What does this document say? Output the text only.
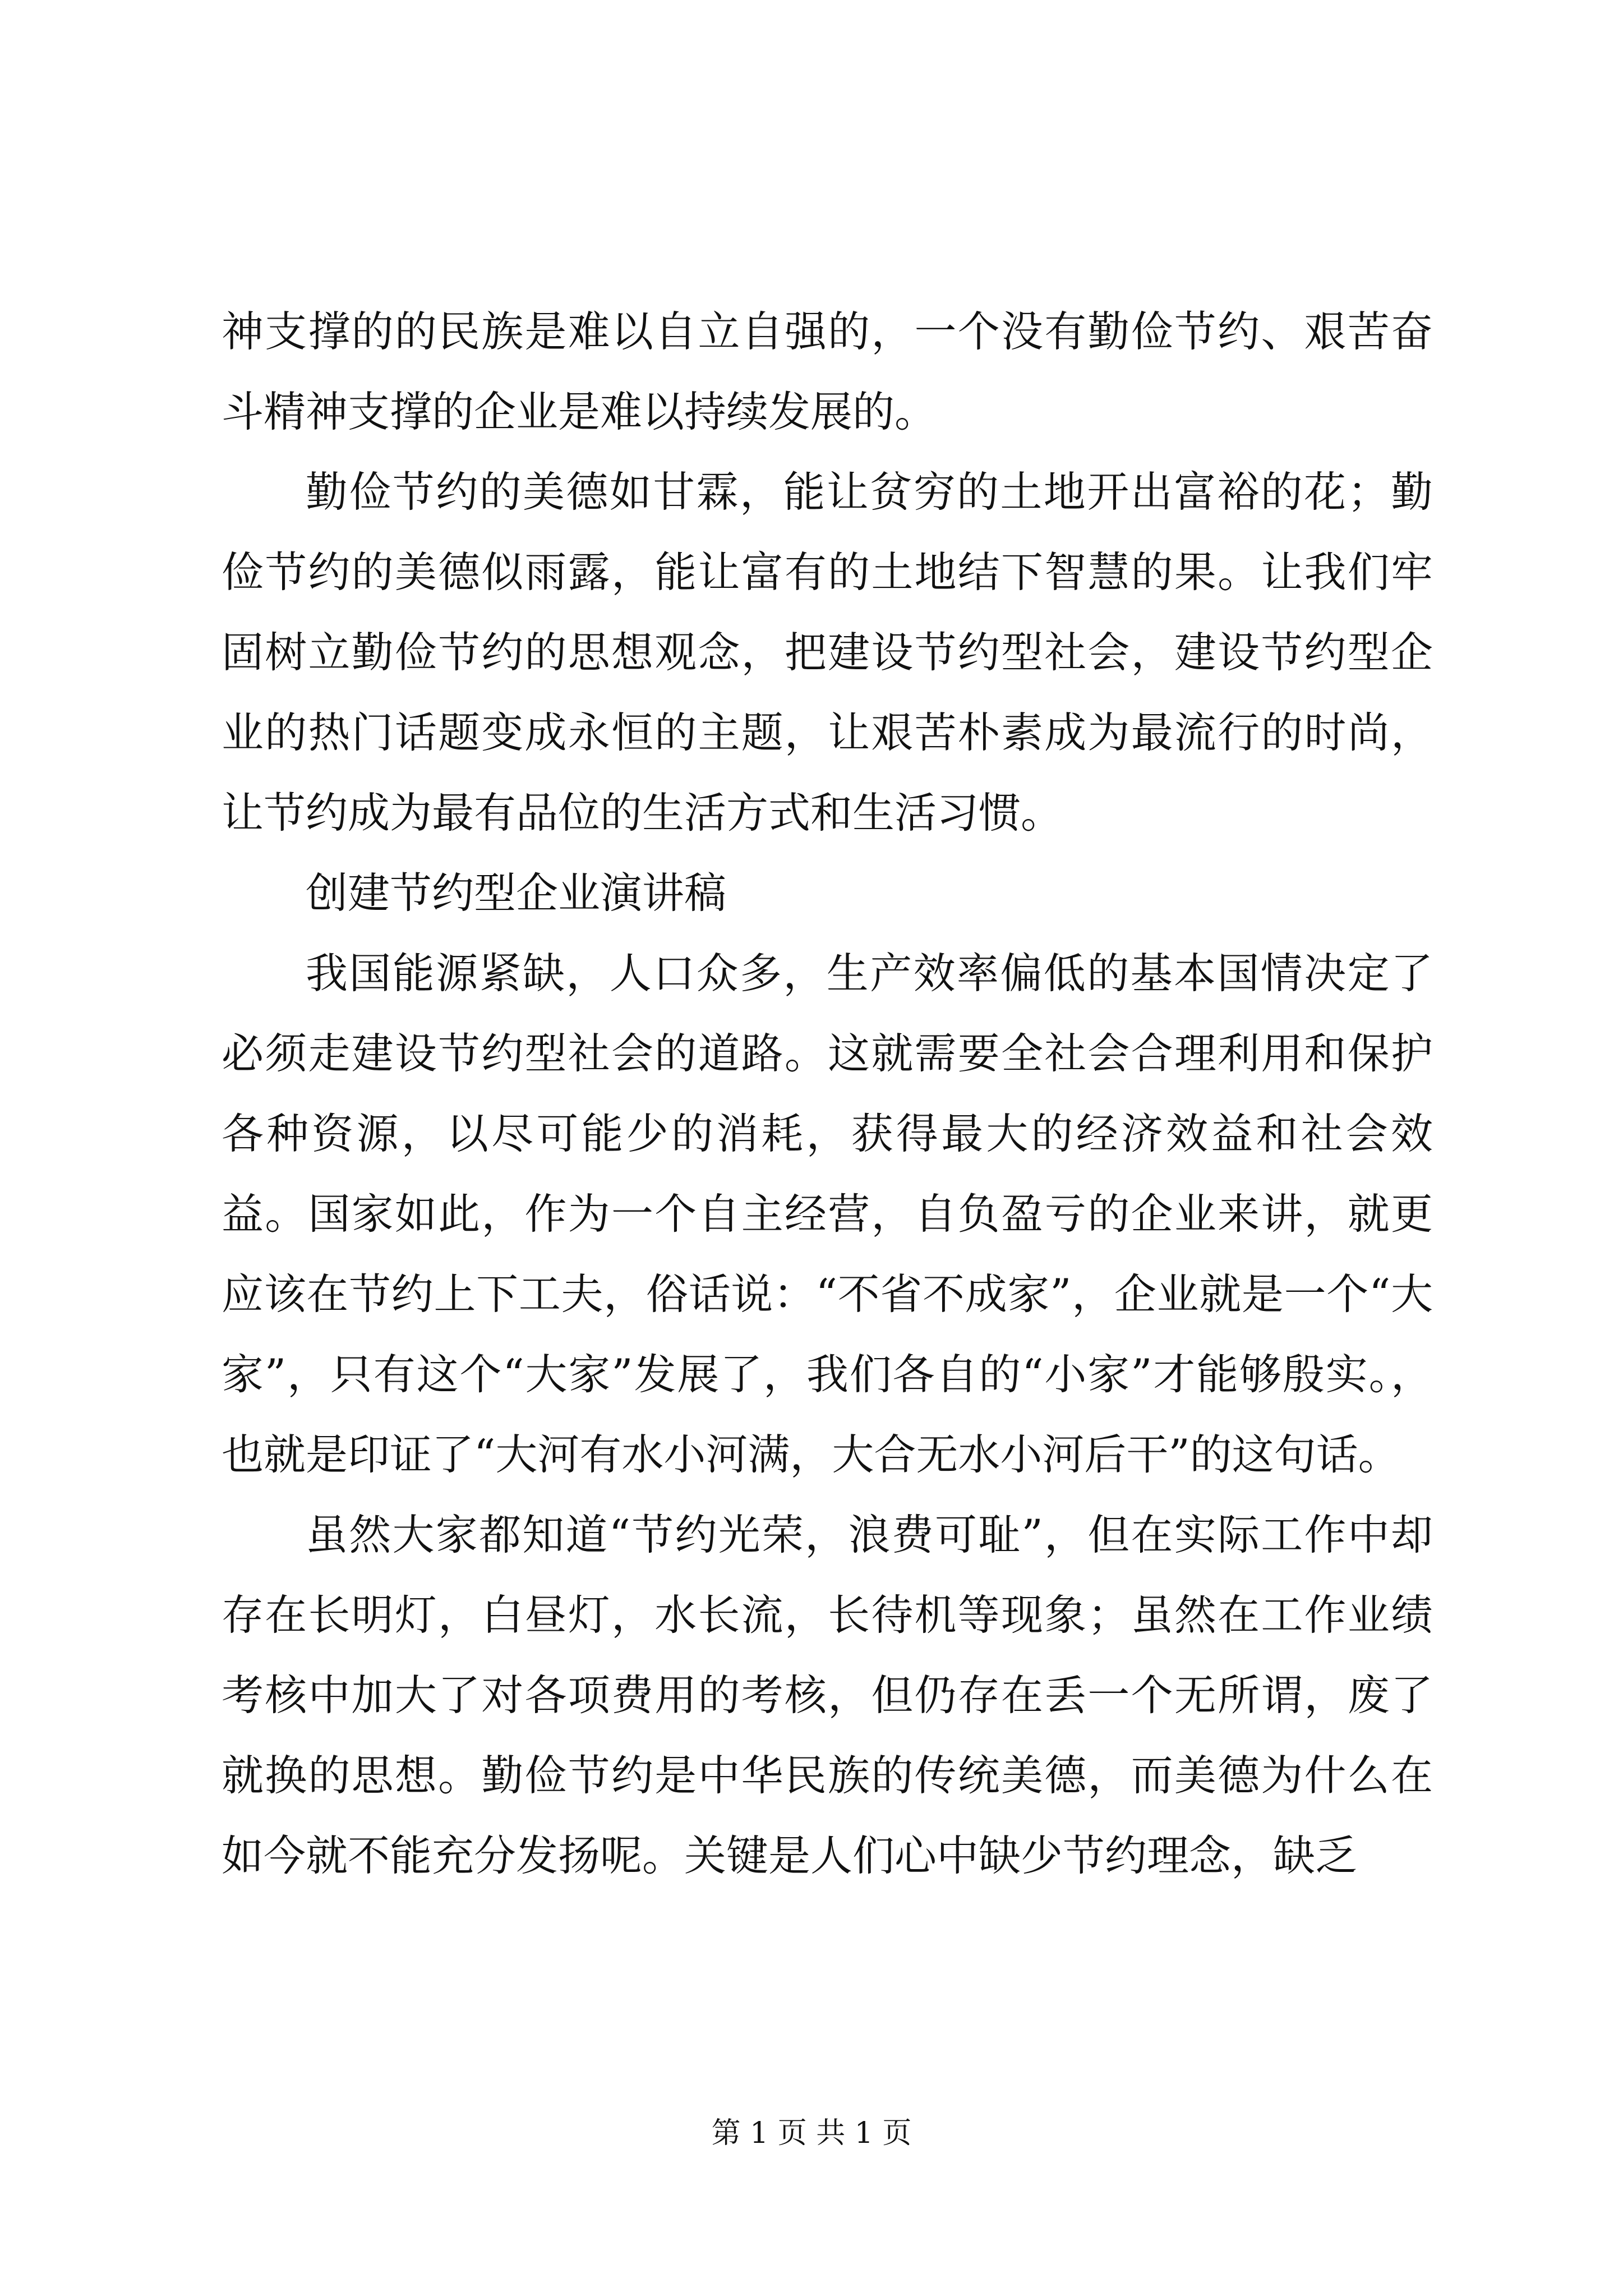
神支撑的的民族是难以自立自强的，一个没有勤俭节约、艰苦奋斗精神支撑的企业是难以持续发展的。

勤俭节约的美德如甘霖，能让贫穷的土地开出富裕的花；勤俭节约的美德似雨露，能让富有的土地结下智慧的果。让我们牢固树立勤俭节约的思想观念，把建设节约型社会，建设节约型企业的热门话题变成永恒的主题，让艰苦朴素成为最流行的时尚，让节约成为最有品位的生活方式和生活习惯。

创建节约型企业演讲稿

我国能源紧缺，人口众多，生产效率偏低的基本国情决定了必须走建设节约型社会的道路。这就需要全社会合理利用和保护各种资源，以尽可能少的消耗，获得最大的经济效益和社会效益。国家如此，作为一个自主经营，自负盈亏的企业来讲，就更应该在节约上下工夫，俗话说：“不省不成家”，企业就是一个“大家”，只有这个“大家”发展了，我们各自的“小家”才能够殷实。，也就是印证了“大河有水小河满，大合无水小河后干”的这句话。

虽然大家都知道“节约光荣，浪费可耻”，但在实际工作中却存在长明灯，白昼灯，水长流，长待机等现象；虽然在工作业绩考核中加大了对各项费用的考核，但仍存在丢一个无所谓，废了就换的思想。勤俭节约是中华民族的传统美德，而美德为什么在如今就不能充分发扬呢。关键是人们心中缺少节约理念，缺乏

第 1 页 共 1 页
